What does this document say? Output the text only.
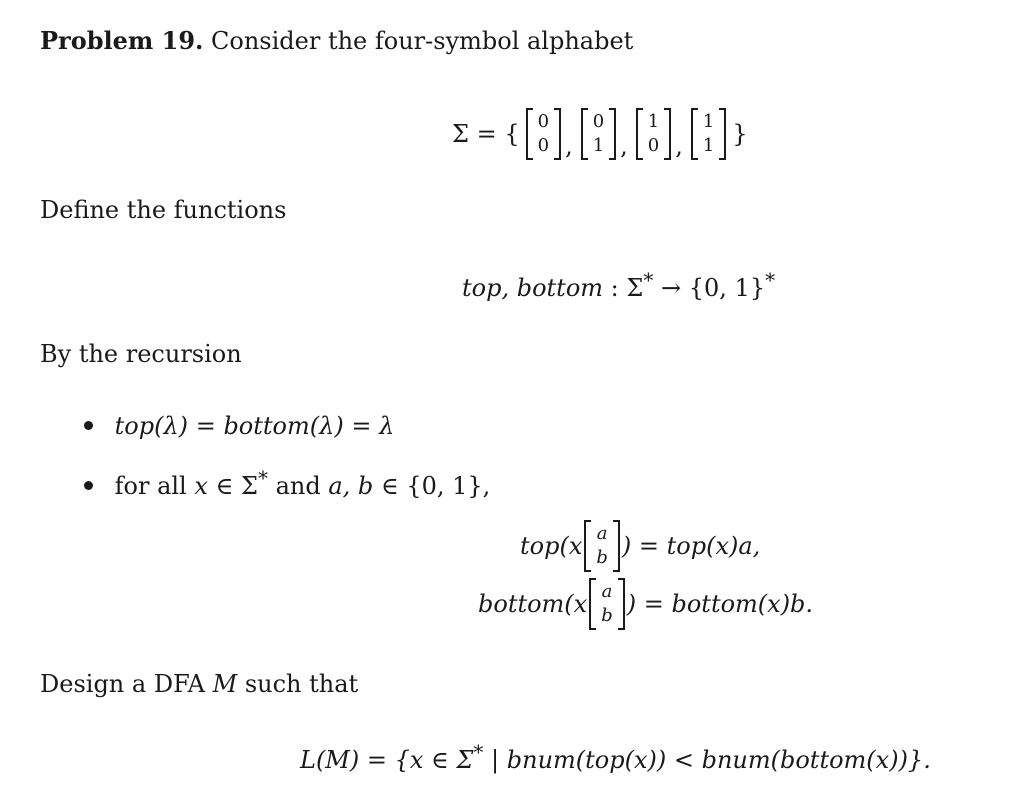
Problem 19. Consider the four-symbol alphabet
Σ = { 0
0 ,
0
1 ,
1
0 ,
1
1 }
Define the functions
top, bottom : Σ* → {0, 1}*
By the recursion
top(λ) = bottom(λ) = λ
for all x ∈ Σ* and a, b ∈ {0, 1},
top(x a
b ) = top(x)a,
bottom(x a
b ) = bottom(x)b.
Design a DFA M such that
L(M) = {x ∈ Σ* | bnum(top(x)) < bnum(bottom(x))}.
